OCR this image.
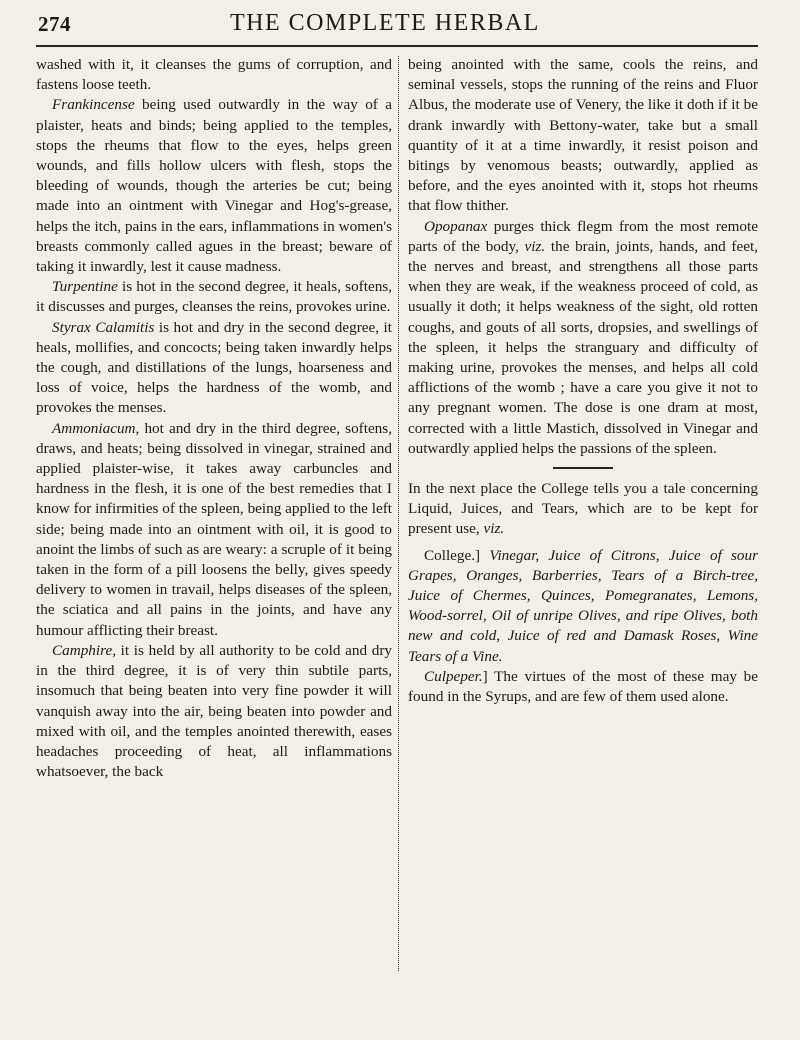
274	THE COMPLETE HERBAL

washed with it, it cleanses the gums of corruption, and fastens loose teeth.

Frankincense being used outwardly in the way of a plaister, heats and binds; being applied to the temples, stops the rheums that flow to the eyes, helps green wounds, and fills hollow ulcers with flesh, stops the bleeding of wounds, though the arteries be cut; being made into an ointment with Vinegar and Hog's-grease, helps the itch, pains in the ears, inflammations in women's breasts commonly called agues in the breast; beware of taking it inwardly, lest it cause madness.

Turpentine is hot in the second degree, it heals, softens, it discusses and purges, cleanses the reins, provokes urine.

Styrax Calamitis is hot and dry in the second degree, it heals, mollifies, and concocts; being taken inwardly helps the cough, and distillations of the lungs, hoarseness and loss of voice, helps the hardness of the womb, and provokes the menses.

Ammoniacum, hot and dry in the third degree, softens, draws, and heats; being dissolved in vinegar, strained and applied plaister-wise, it takes away carbuncles and hardness in the flesh, it is one of the best remedies that I know for infirmities of the spleen, being applied to the left side; being made into an ointment with oil, it is good to anoint the limbs of such as are weary: a scruple of it being taken in the form of a pill loosens the belly, gives speedy delivery to women in travail, helps diseases of the spleen, the sciatica and all pains in the joints, and have any humour afflicting their breast.

Camphire, it is held by all authority to be cold and dry in the third degree, it is of very thin subtile parts, insomuch that being beaten into very fine powder it will vanquish away into the air, being beaten into powder and mixed with oil, and the temples anointed therewith, eases headaches proceeding of heat, all inflammations whatsoever, the back

being anointed with the same, cools the reins, and seminal vessels, stops the running of the reins and Fluor Albus, the moderate use of Venery, the like it doth if it be drank inwardly with Bettony-water, take but a small quantity of it at a time inwardly, it resist poison and bitings by venomous beasts; outwardly, applied as before, and the eyes anointed with it, stops hot rheums that flow thither.

Opopanax purges thick flegm from the most remote parts of the body, viz. the brain, joints, hands, and feet, the nerves and breast, and strengthens all those parts when they are weak, if the weakness proceed of cold, as usually it doth; it helps weakness of the sight, old rotten coughs, and gouts of all sorts, dropsies, and swellings of the spleen, it helps the stranguary and difficulty of making urine, provokes the menses, and helps all cold afflictions of the womb ; have a care you give it not to any pregnant women. The dose is one dram at most, corrected with a little Mastich, dissolved in Vinegar and outwardly applied helps the passions of the spleen.

In the next place the College tells you a tale concerning Liquid, Juices, and Tears, which are to be kept for present use, viz.

College.] Vinegar, Juice of Citrons, Juice of sour Grapes, Oranges, Barberries, Tears of a Birch-tree, Juice of Chermes, Quinces, Pomegranates, Lemons, Wood-sorrel, Oil of unripe Olives, and ripe Olives, both new and cold, Juice of red and Damask Roses, Wine Tears of a Vine.

Culpeper.] The virtues of the most of these may be found in the Syrups, and are few of them used alone.
